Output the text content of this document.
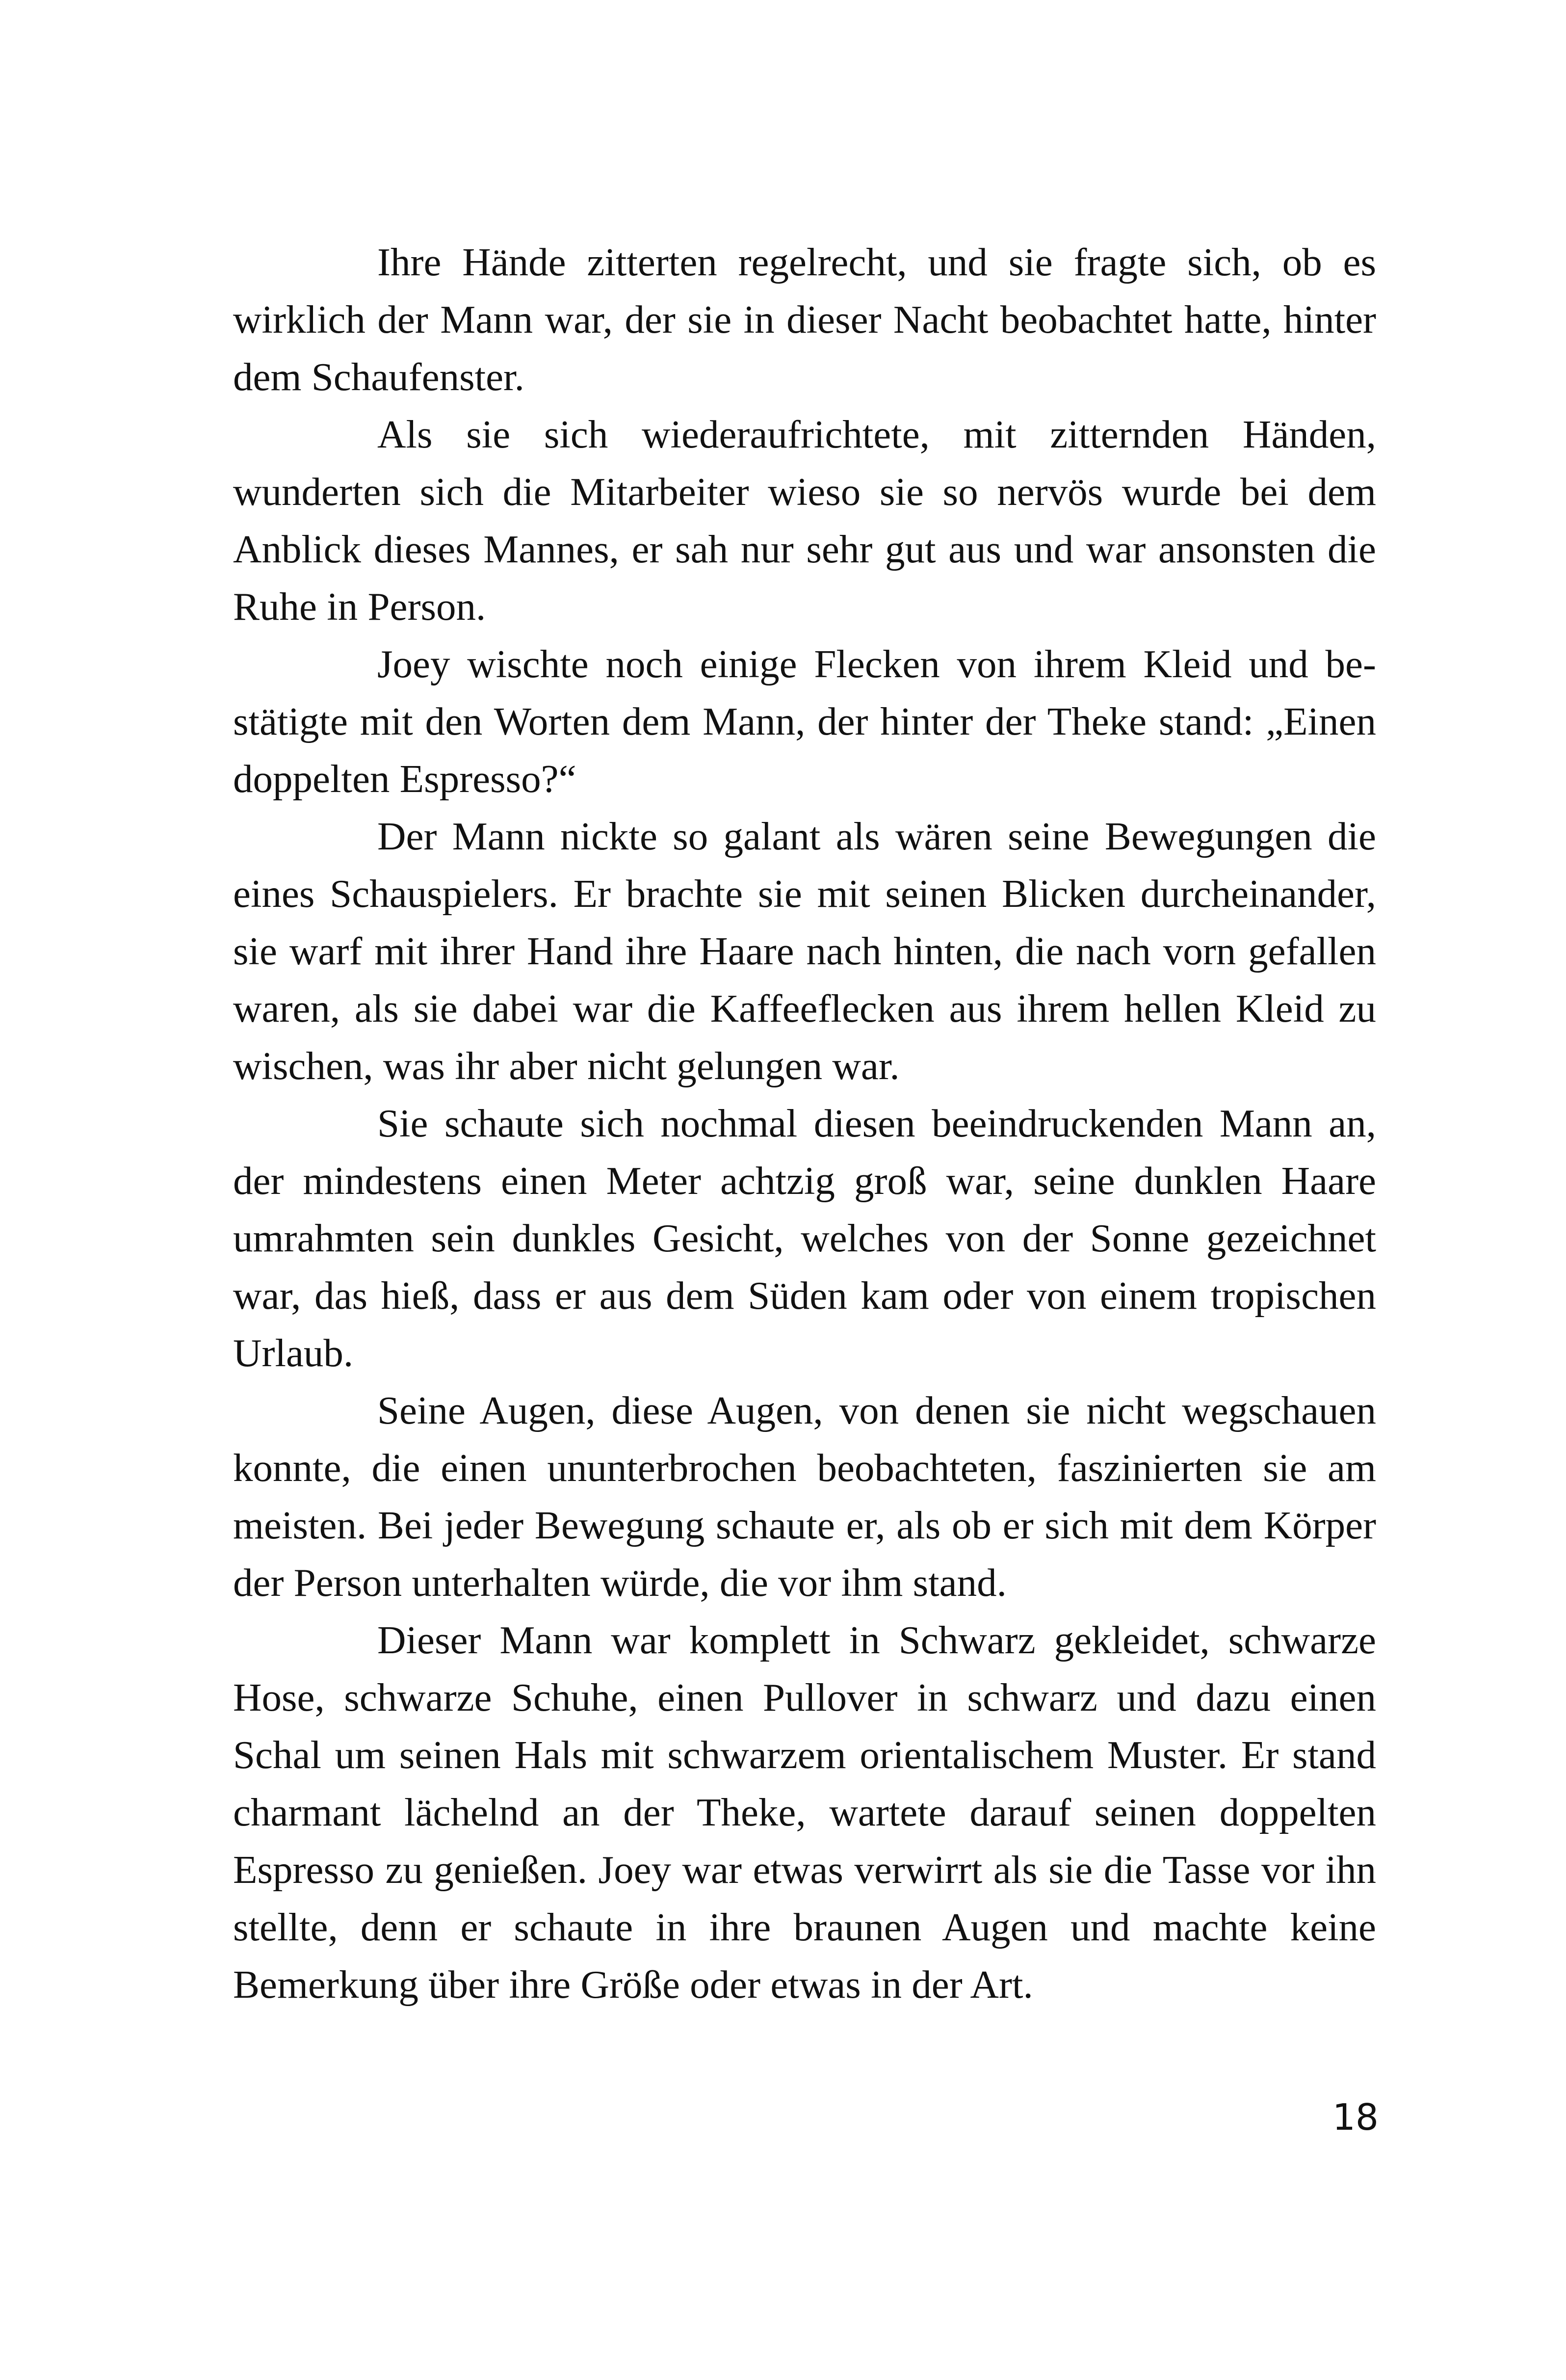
Ihre Hände zitterten regelrecht, und sie fragte sich, ob es wirklich der Mann war, der sie in dieser Nacht beobachtet hatte, hinter dem Schaufenster.

Als sie sich wiederaufrichtete, mit zitternden Händen, wunderten sich die Mitarbeiter wieso sie so nervös wurde bei dem Anblick dieses Mannes, er sah nur sehr gut aus und war ansonsten die Ruhe in Person.

Joey wischte noch einige Flecken von ihrem Kleid und bestätigte mit den Worten dem Mann, der hinter der Theke stand: „Einen doppelten Espresso?“

Der Mann nickte so galant als wären seine Bewegungen die eines Schauspielers. Er brachte sie mit seinen Blicken durcheinander, sie warf mit ihrer Hand ihre Haare nach hinten, die nach vorn gefallen waren, als sie dabei war die Kaffeeflecken aus ihrem hellen Kleid zu wischen, was ihr aber nicht gelungen war.

Sie schaute sich nochmal diesen beeindruckenden Mann an, der mindestens einen Meter achtzig groß war, seine dunklen Haare umrahmten sein dunkles Gesicht, welches von der Sonne gezeichnet war, das hieß, dass er aus dem Süden kam oder von einem tropischen Urlaub.

Seine Augen, diese Augen, von denen sie nicht wegschauen konnte, die einen ununterbrochen beobachteten, faszinierten sie am meisten. Bei jeder Bewegung schaute er, als ob er sich mit dem Körper der Person unterhalten würde, die vor ihm stand.

Dieser Mann war komplett in Schwarz gekleidet, schwarze Hose, schwarze Schuhe, einen Pullover in schwarz und dazu einen Schal um seinen Hals mit schwarzem orientalischem Muster. Er stand charmant lächelnd an der Theke, wartete darauf seinen doppelten Espresso zu genießen. Joey war etwas verwirrt als sie die Tasse vor ihn stellte, denn er schaute in ihre braunen Augen und machte keine Bemerkung über ihre Größe oder etwas in der Art.

18
